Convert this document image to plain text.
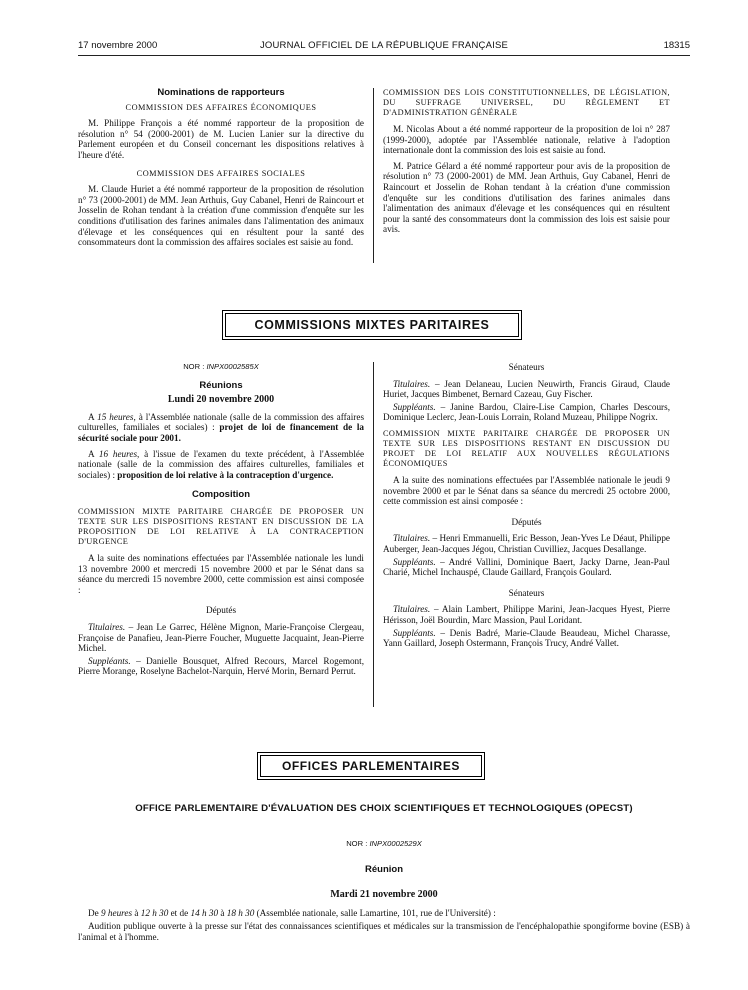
17 novembre 2000	JOURNAL OFFICIEL DE LA RÉPUBLIQUE FRANÇAISE	18315
Nominations de rapporteurs
COMMISSION DES AFFAIRES ÉCONOMIQUES

M. Philippe François a été nommé rapporteur de la proposition de résolution n° 54 (2000-2001) de M. Lucien Lanier sur la directive du Parlement européen et du Conseil concernant les dispositions relatives à l'heure d'été.

COMMISSION DES AFFAIRES SOCIALES

M. Claude Huriet a été nommé rapporteur de la proposition de résolution n° 73 (2000-2001) de MM. Jean Arthuis, Guy Cabanel, Henri de Raincourt et Josselin de Rohan tendant à la création d'une commission d'enquête sur les conditions d'utilisation des farines animales dans l'alimentation des animaux d'élevage et les conséquences qui en résultent pour la santé des consommateurs dont la commission des affaires sociales est saisie au fond.

COMMISSION DES LOIS CONSTITUTIONNELLES, DE LÉGISLATION, DU SUFFRAGE UNIVERSEL, DU RÈGLEMENT ET D'ADMINISTRATION GÉNÉRALE

M. Nicolas About a été nommé rapporteur de la proposition de loi n° 287 (1999-2000), adoptée par l'Assemblée nationale, relative à l'adoption internationale dont la commission des lois est saisie au fond.

M. Patrice Gélard a été nommé rapporteur pour avis de la proposition de résolution n° 73 (2000-2001) de MM. Jean Arthuis, Guy Cabanel, Henri de Raincourt et Josselin de Rohan tendant à la création d'une commission d'enquête sur les conditions d'utilisation des farines animales dans l'alimentation des animaux d'élevage et les conséquences qui en résultent pour la santé des consommateurs dont la commission des lois est saisie pour avis.

COMMISSIONS MIXTES PARITAIRES
NOR : INPX0002585X
Réunions
Lundi 20 novembre 2000

A 15 heures, à l'Assemblée nationale (salle de la commission des affaires culturelles, familiales et sociales) : projet de loi de financement de la sécurité sociale pour 2001.

A 16 heures, à l'issue de l'examen du texte précédent, à l'Assemblée nationale (salle de la commission des affaires culturelles, familiales et sociales) : proposition de loi relative à la contraception d'urgence.

Composition
COMMISSION MIXTE PARITAIRE CHARGÉE DE PROPOSER UN TEXTE SUR LES DISPOSITIONS RESTANT EN DISCUSSION DE LA PROPOSITION DE LOI RELATIVE À LA CONTRACEPTION D'URGENCE

A la suite des nominations effectuées par l'Assemblée nationale les lundi 13 novembre 2000 et mercredi 15 novembre 2000 et par le Sénat dans sa séance du mercredi 15 novembre 2000, cette commission est ainsi composée :

Députés

Titulaires. – Jean Le Garrec, Hélène Mignon, Marie-Françoise Clergeau, Françoise de Panafieu, Jean-Pierre Foucher, Muguette Jacquaint, Jean-Pierre Michel.

Suppléants. – Danielle Bousquet, Alfred Recours, Marcel Rogemont, Pierre Morange, Roselyne Bachelot-Narquin, Hervé Morin, Bernard Perrut.

Sénateurs

Titulaires. – Jean Delaneau, Lucien Neuwirth, Francis Giraud, Claude Huriet, Jacques Bimbenet, Bernard Cazeau, Guy Fischer.

Suppléants. – Janine Bardou, Claire-Lise Campion, Charles Descours, Dominique Leclerc, Jean-Louis Lorrain, Roland Muzeau, Philippe Nogrix.

COMMISSION MIXTE PARITAIRE CHARGÉE DE PROPOSER UN TEXTE SUR LES DISPOSITIONS RESTANT EN DISCUSSION DU PROJET DE LOI RELATIF AUX NOUVELLES RÉGULATIONS ÉCONOMIQUES

A la suite des nominations effectuées par l'Assemblée nationale le jeudi 9 novembre 2000 et par le Sénat dans sa séance du mercredi 25 octobre 2000, cette commission est ainsi composée :

Députés

Titulaires. – Henri Emmanuelli, Eric Besson, Jean-Yves Le Déaut, Philippe Auberger, Jean-Jacques Jégou, Christian Cuvilliez, Jacques Desallange.

Suppléants. – André Vallini, Dominique Baert, Jacky Darne, Jean-Paul Charié, Michel Inchauspé, Claude Gaillard, François Goulard.

Sénateurs

Titulaires. – Alain Lambert, Philippe Marini, Jean-Jacques Hyest, Pierre Hérisson, Joël Bourdin, Marc Massion, Paul Loridant.

Suppléants. – Denis Badré, Marie-Claude Beaudeau, Michel Charasse, Yann Gaillard, Joseph Ostermann, François Trucy, André Vallet.

OFFICES PARLEMENTAIRES
OFFICE PARLEMENTAIRE D'ÉVALUATION DES CHOIX SCIENTIFIQUES ET TECHNOLOGIQUES (OPECST)
NOR : INPX0002529X
Réunion
Mardi 21 novembre 2000
De 9 heures à 12 h 30 et de 14 h 30 à 18 h 30 (Assemblée nationale, salle Lamartine, 101, rue de l'Université) :
Audition publique ouverte à la presse sur l'état des connaissances scientifiques et médicales sur la transmission de l'encéphalopathie spongiforme bovine (ESB) à l'animal et à l'homme.
